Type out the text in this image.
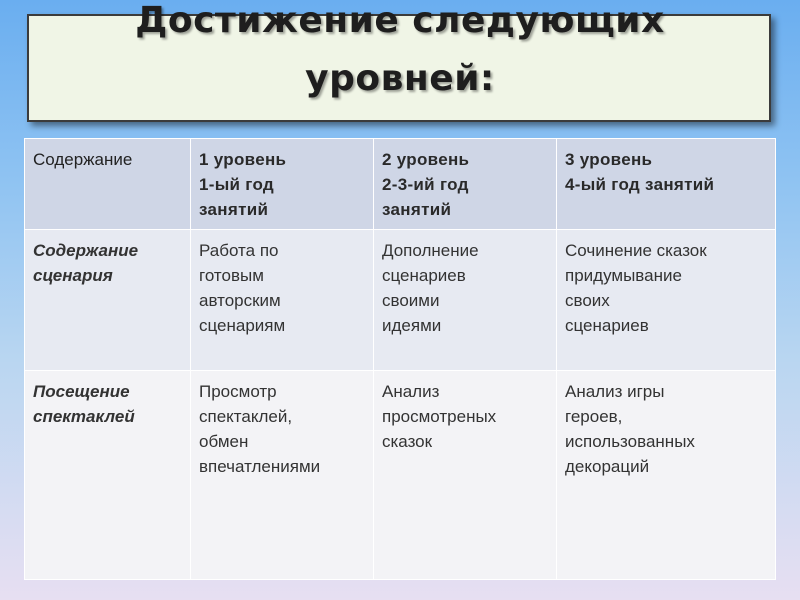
Достижение следующих
уровней:
Содержание	1 уровень
1-ый год
занятий	2 уровень
2-3-ий год
занятий	3 уровень
4-ый год занятий

Содержание
сценария	Работа по
готовым
авторским
сценариям	Дополнение
сценариев
своими
идеями	Сочинение сказок
придумывание
своих
сценариев

Посещение
спектаклей	Просмотр
спектаклей,
обмен
впечатлениями	Анализ
просмотреных
сказок	Анализ игры
героев,
использованных
декораций
